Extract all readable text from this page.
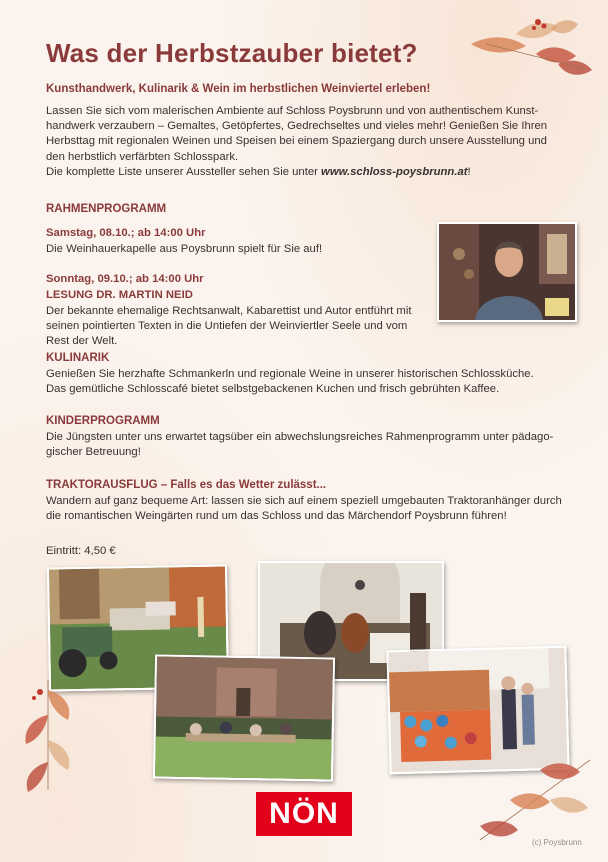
Was der Herbstzauber bietet?

Kunsthandwerk, Kulinarik & Wein im herbstlichen Weinviertel erleben!

Lassen Sie sich vom malerischen Ambiente auf Schloss Poysbrunn und von authentischem Kunst-handwerk verzaubern – Gemaltes, Getöpfertes, Gedrechseltes und vieles mehr! Genießen Sie Ihren Herbsttag mit regionalen Weinen und Speisen bei einem Spaziergang durch unsere Ausstellung und den herbstlich verfärbten Schlosspark.
Die komplette Liste unserer Aussteller sehen Sie unter www.schloss-poysbrunn.at!

RAHMENPROGRAMM

Samstag, 08.10.; ab 14:00 Uhr

Die Weinhauerkapelle aus Poysbrunn spielt für Sie auf!

Sonntag, 09.10.; ab 14:00 Uhr

LESUNG DR. MARTIN NEID

Der bekannte ehemalige Rechtsanwalt, Kabarettist und Autor entführt mit seinen pointierten Texten in die Untiefen der Weinviertler Seele und vom Rest der Welt.

KULINARIK

Genießen Sie herzhafte Schmankerln und regionale Weine in unserer historischen Schlossküche. Das gemütliche Schlosscafé bietet selbstgebackenen Kuchen und frisch gebrühten Kaffee.

KINDERPROGRAMM

Die Jüngsten unter uns erwartet tagsüber ein abwechslungsreiches Rahmenprogramm unter pädago-gischer Betreuung!

TRAKTORAUSFLUG – Falls es das Wetter zulässt...

Wandern auf ganz bequeme Art: lassen sie sich auf einem speziell umgebauten Traktoranhänger durch die romantischen Weingärten rund um das Schloss und das Märchendorf Poysbrunn führen!

Eintritt: 4,50 €

NÖN
(c) Poysbrunn
